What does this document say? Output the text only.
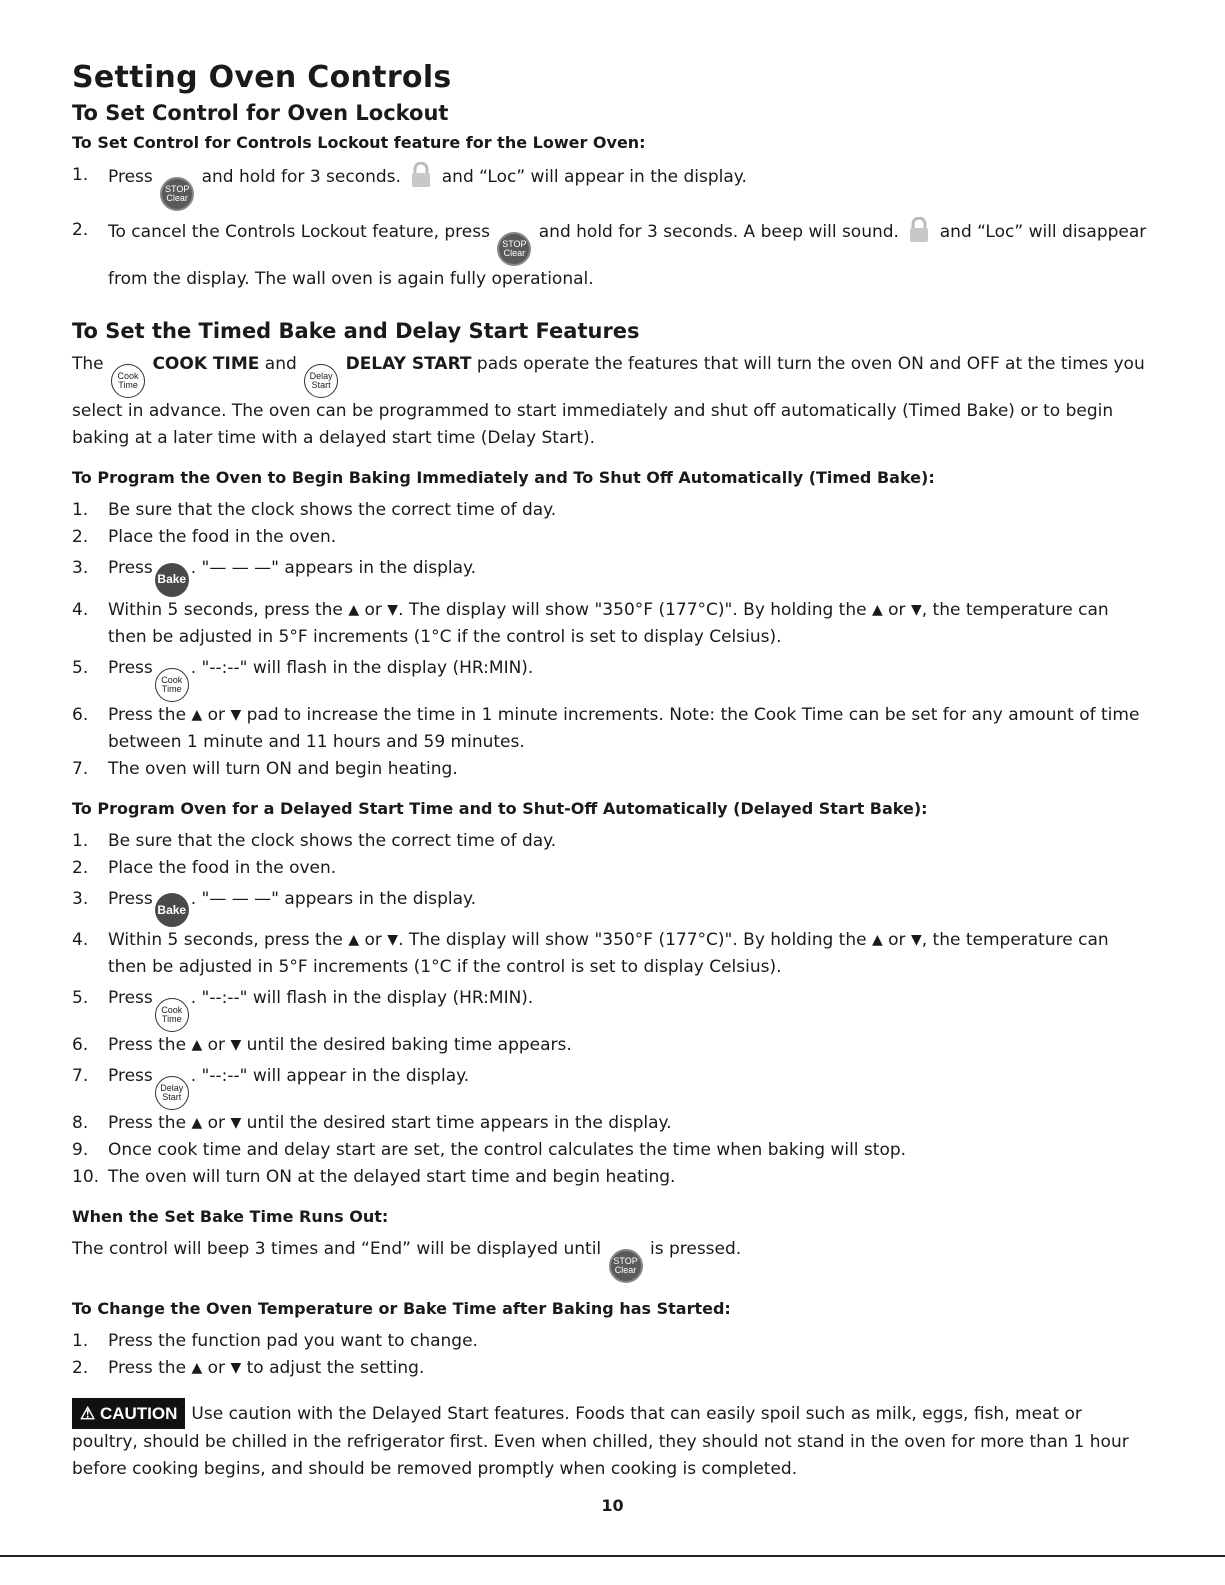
Setting Oven Controls
To Set Control for Oven Lockout
To Set Control for Controls Lockout feature for the Lower Oven:
1.	Press
STOP
Clear
and hold for 3 seconds. and “Loc” will appear in the display.
2.	To cancel the Controls Lockout feature, press
STOP
Clear
and hold for 3 seconds. A beep will sound. and “Loc” will disappear from the display. The wall oven is again fully operational.
To Set the Timed Bake and Delay Start Features

The
Cook
Time
COOK TIME and
Delay
Start
DELAY START pads operate the features that will turn the oven ON and OFF at the times you select in advance. The oven can be programmed to start immediately and shut off automatically (Timed Bake) or to begin baking at a later time with a delayed start time (Delay Start).

To Program the Oven to Begin Baking Immediately and To Shut Off Automatically (Timed Bake):
1.	Be sure that the clock shows the correct time of day.
2.	Place the food in the oven.
3.	PressBake. "— — —" appears in the display.
4.	Within 5 seconds, press the ▲ or ▼. The display will show "350°F (177°C)". By holding the ▲ or ▼, the temperature can then be adjusted in 5°F increments (1°C if the control is set to display Celsius).
5.	Press
Cook
Time
. "--:--" will flash in the display (HR:MIN).
6.	Press the ▲ or ▼ pad to increase the time in 1 minute increments. Note: the Cook Time can be set for any amount of time between 1 minute and 11 hours and 59 minutes.
7.	The oven will turn ON and begin heating.
To Program Oven for a Delayed Start Time and to Shut-Off Automatically (Delayed Start Bake):
1.	Be sure that the clock shows the correct time of day.
2.	Place the food in the oven.
3.	PressBake. "— — —" appears in the display.
4.	Within 5 seconds, press the ▲ or ▼. The display will show "350°F (177°C)". By holding the ▲ or ▼, the temperature can then be adjusted in 5°F increments (1°C if the control is set to display Celsius).
5.	Press
Cook
Time
. "--:--" will flash in the display (HR:MIN).
6.	Press the ▲ or ▼ until the desired baking time appears.
7.	Press
Delay
Start
. "--:--" will appear in the display.
8.	Press the ▲ or ▼ until the desired start time appears in the display.
9.	Once cook time and delay start are set, the control calculates the time when baking will stop.
10. The oven will turn ON at the delayed start time and begin heating.
When the Set Bake Time Runs Out:

The control will beep 3 times and “End” will be displayed until
STOP
Clear
is pressed.

To Change the Oven Temperature or Bake Time after Baking has Started:
1.	Press the function pad you want to change.
2.	Press the ▲ or ▼ to adjust the setting.

⚠ CAUTION Use caution with the Delayed Start features. Foods that can easily spoil such as milk, eggs, fish, meat or poultry, should be chilled in the refrigerator first. Even when chilled, they should not stand in the oven for more than 1 hour before cooking begins, and should be removed promptly when cooking is completed.

10
